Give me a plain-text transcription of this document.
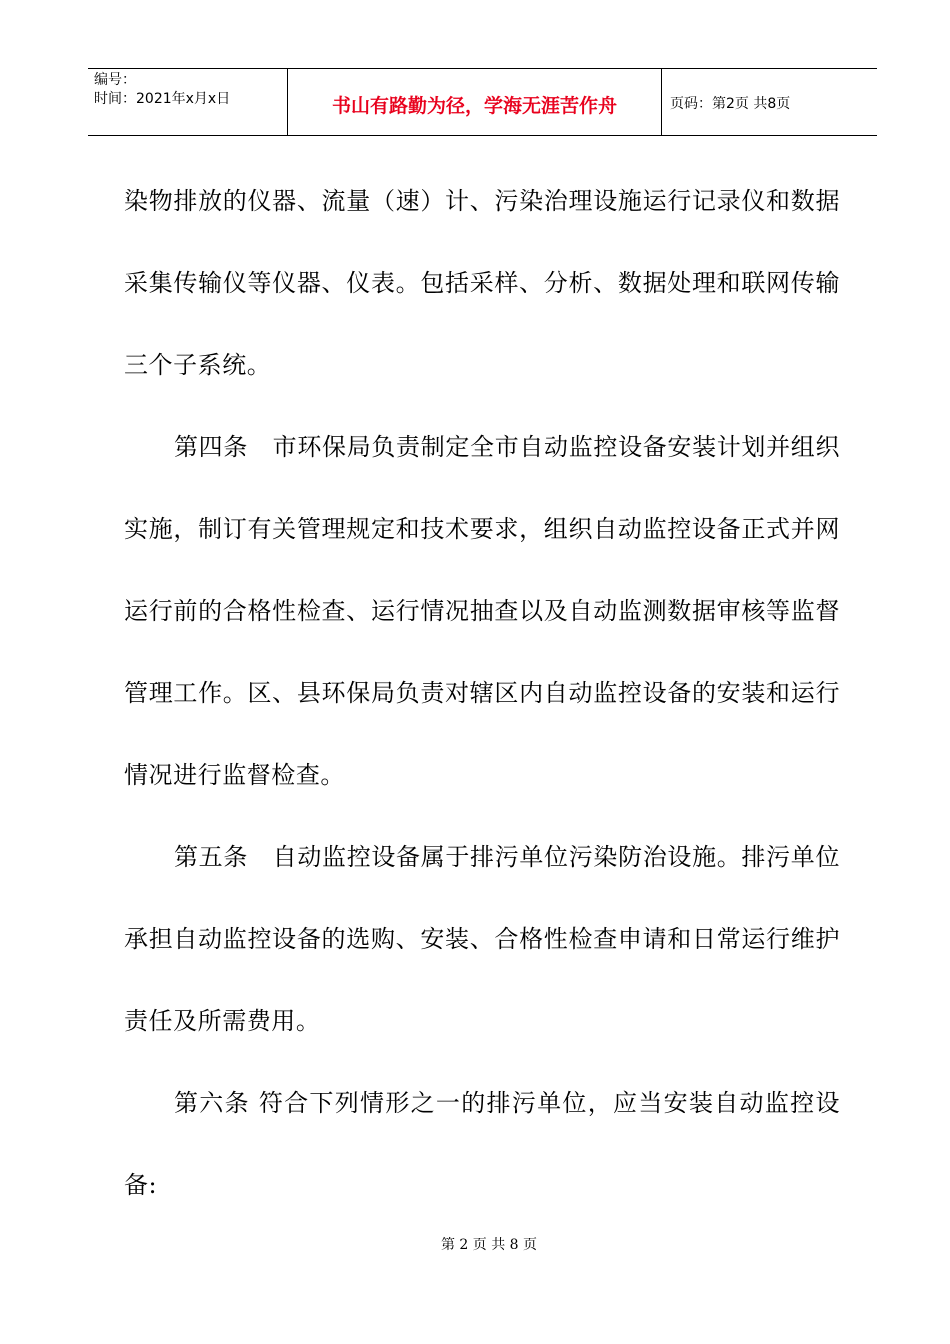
编号：
时间：2021年x月x日	书山有路勤为径，学海无涯苦作舟	页码：第2页 共8页

染物排放的仪器、流量（速）计、污染治理设施运行记录仪和数据采集传输仪等仪器、仪表。包括采样、分析、数据处理和联网传输三个子系统。

第四条　市环保局负责制定全市自动监控设备安装计划并组织实施，制订有关管理规定和技术要求，组织自动监控设备正式并网运行前的合格性检查、运行情况抽查以及自动监测数据审核等监督管理工作。区、县环保局负责对辖区内自动监控设备的安装和运行情况进行监督检查。

第五条　自动监控设备属于排污单位污染防治设施。排污单位承担自动监控设备的选购、安装、合格性检查申请和日常运行维护责任及所需费用。

第六条 符合下列情形之一的排污单位，应当安装自动监控设备:

第 2 页 共 8 页
